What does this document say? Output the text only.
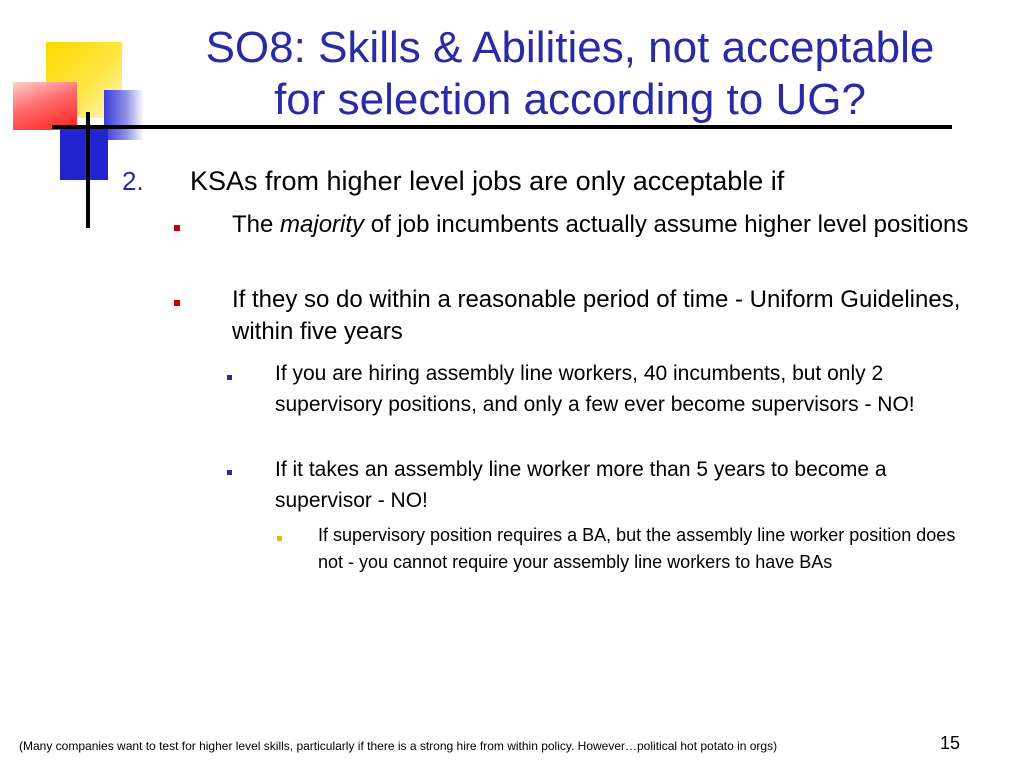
SO8: Skills & Abilities, not acceptable
for selection according to UG?
2. KSAs from higher level jobs are only acceptable if
The majority of job incumbents actually assume higher level positions
If they so do within a reasonable period of time - Uniform Guidelines, within five years
If you are hiring assembly line workers, 40 incumbents, but only 2 supervisory positions, and only a few ever become supervisors - NO!
If it takes an assembly line worker more than 5 years to become a supervisor - NO!
If supervisory position requires a BA, but the assembly line worker position does not - you cannot require your assembly line workers to have BAs
(Many companies want to test for higher level skills, particularly if there is a strong hire from within policy. However…political hot potato in orgs)	15
